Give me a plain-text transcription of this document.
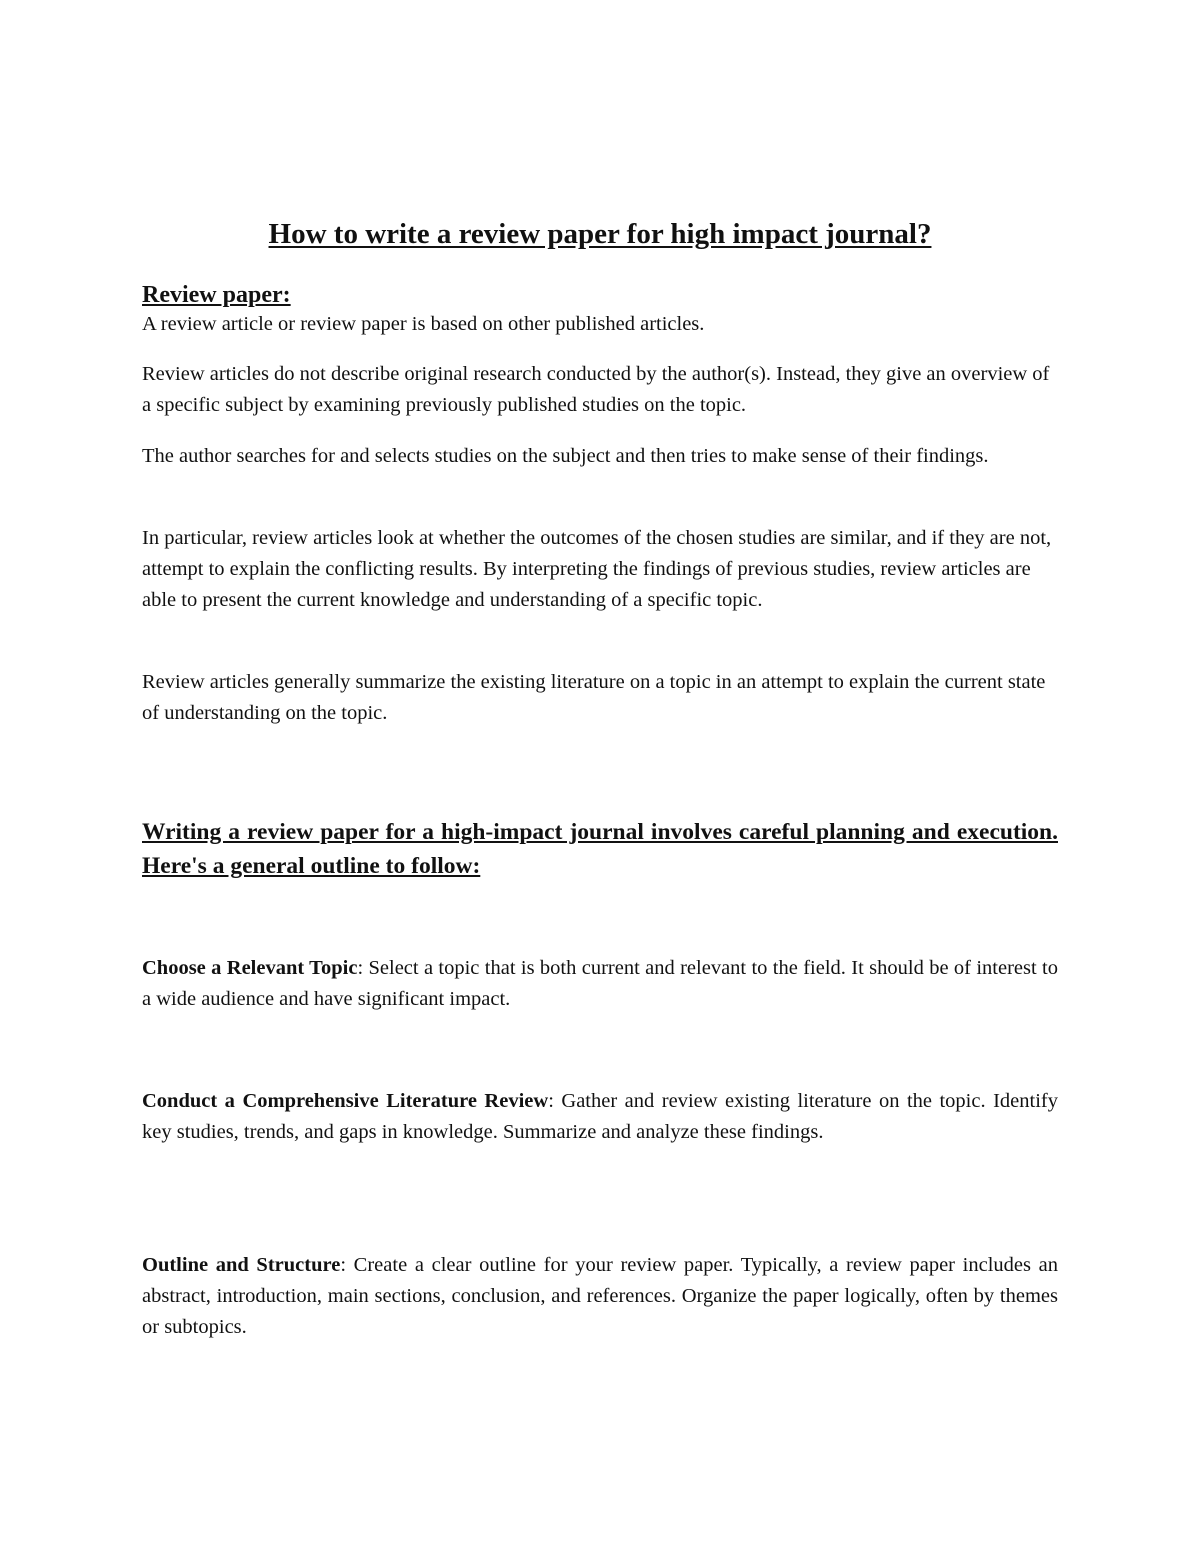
How to write a review paper for high impact journal?
Review paper:

A review article or review paper is based on other published articles.

Review articles do not describe original research conducted by the author(s). Instead, they give an overview of a specific subject by examining previously published studies on the topic.

The author searches for and selects studies on the subject and then tries to make sense of their findings.

In particular, review articles look at whether the outcomes of the chosen studies are similar, and if they are not, attempt to explain the conflicting results. By interpreting the findings of previous studies, review articles are able to present the current knowledge and understanding of a specific topic.

Review articles generally summarize the existing literature on a topic in an attempt to explain the current state of understanding on the topic.

Writing a review paper for a high-impact journal involves careful planning and execution. Here's a general outline to follow:

Choose a Relevant Topic: Select a topic that is both current and relevant to the field. It should be of interest to a wide audience and have significant impact.

Conduct a Comprehensive Literature Review: Gather and review existing literature on the topic. Identify key studies, trends, and gaps in knowledge. Summarize and analyze these findings.

Outline and Structure: Create a clear outline for your review paper. Typically, a review paper includes an abstract, introduction, main sections, conclusion, and references. Organize the paper logically, often by themes or subtopics.
